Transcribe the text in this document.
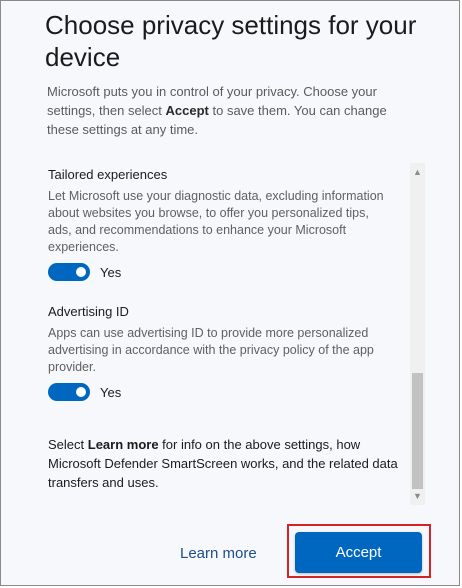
Choose privacy settings for your device

Microsoft puts you in control of your privacy. Choose your settings, then select Accept to save them. You can change these settings at any time.

Tailored experiences

Let Microsoft use your diagnostic data, excluding information about websites you browse, to offer you personalized tips, ads, and recommendations to enhance your Microsoft experiences.

Yes

Advertising ID

Apps can use advertising ID to provide more personalized advertising in accordance with the privacy policy of the app provider.

Yes

Select Learn more for info on the above settings, how Microsoft Defender SmartScreen works, and the related data transfers and uses.

▲
▼
Learn more	Accept
